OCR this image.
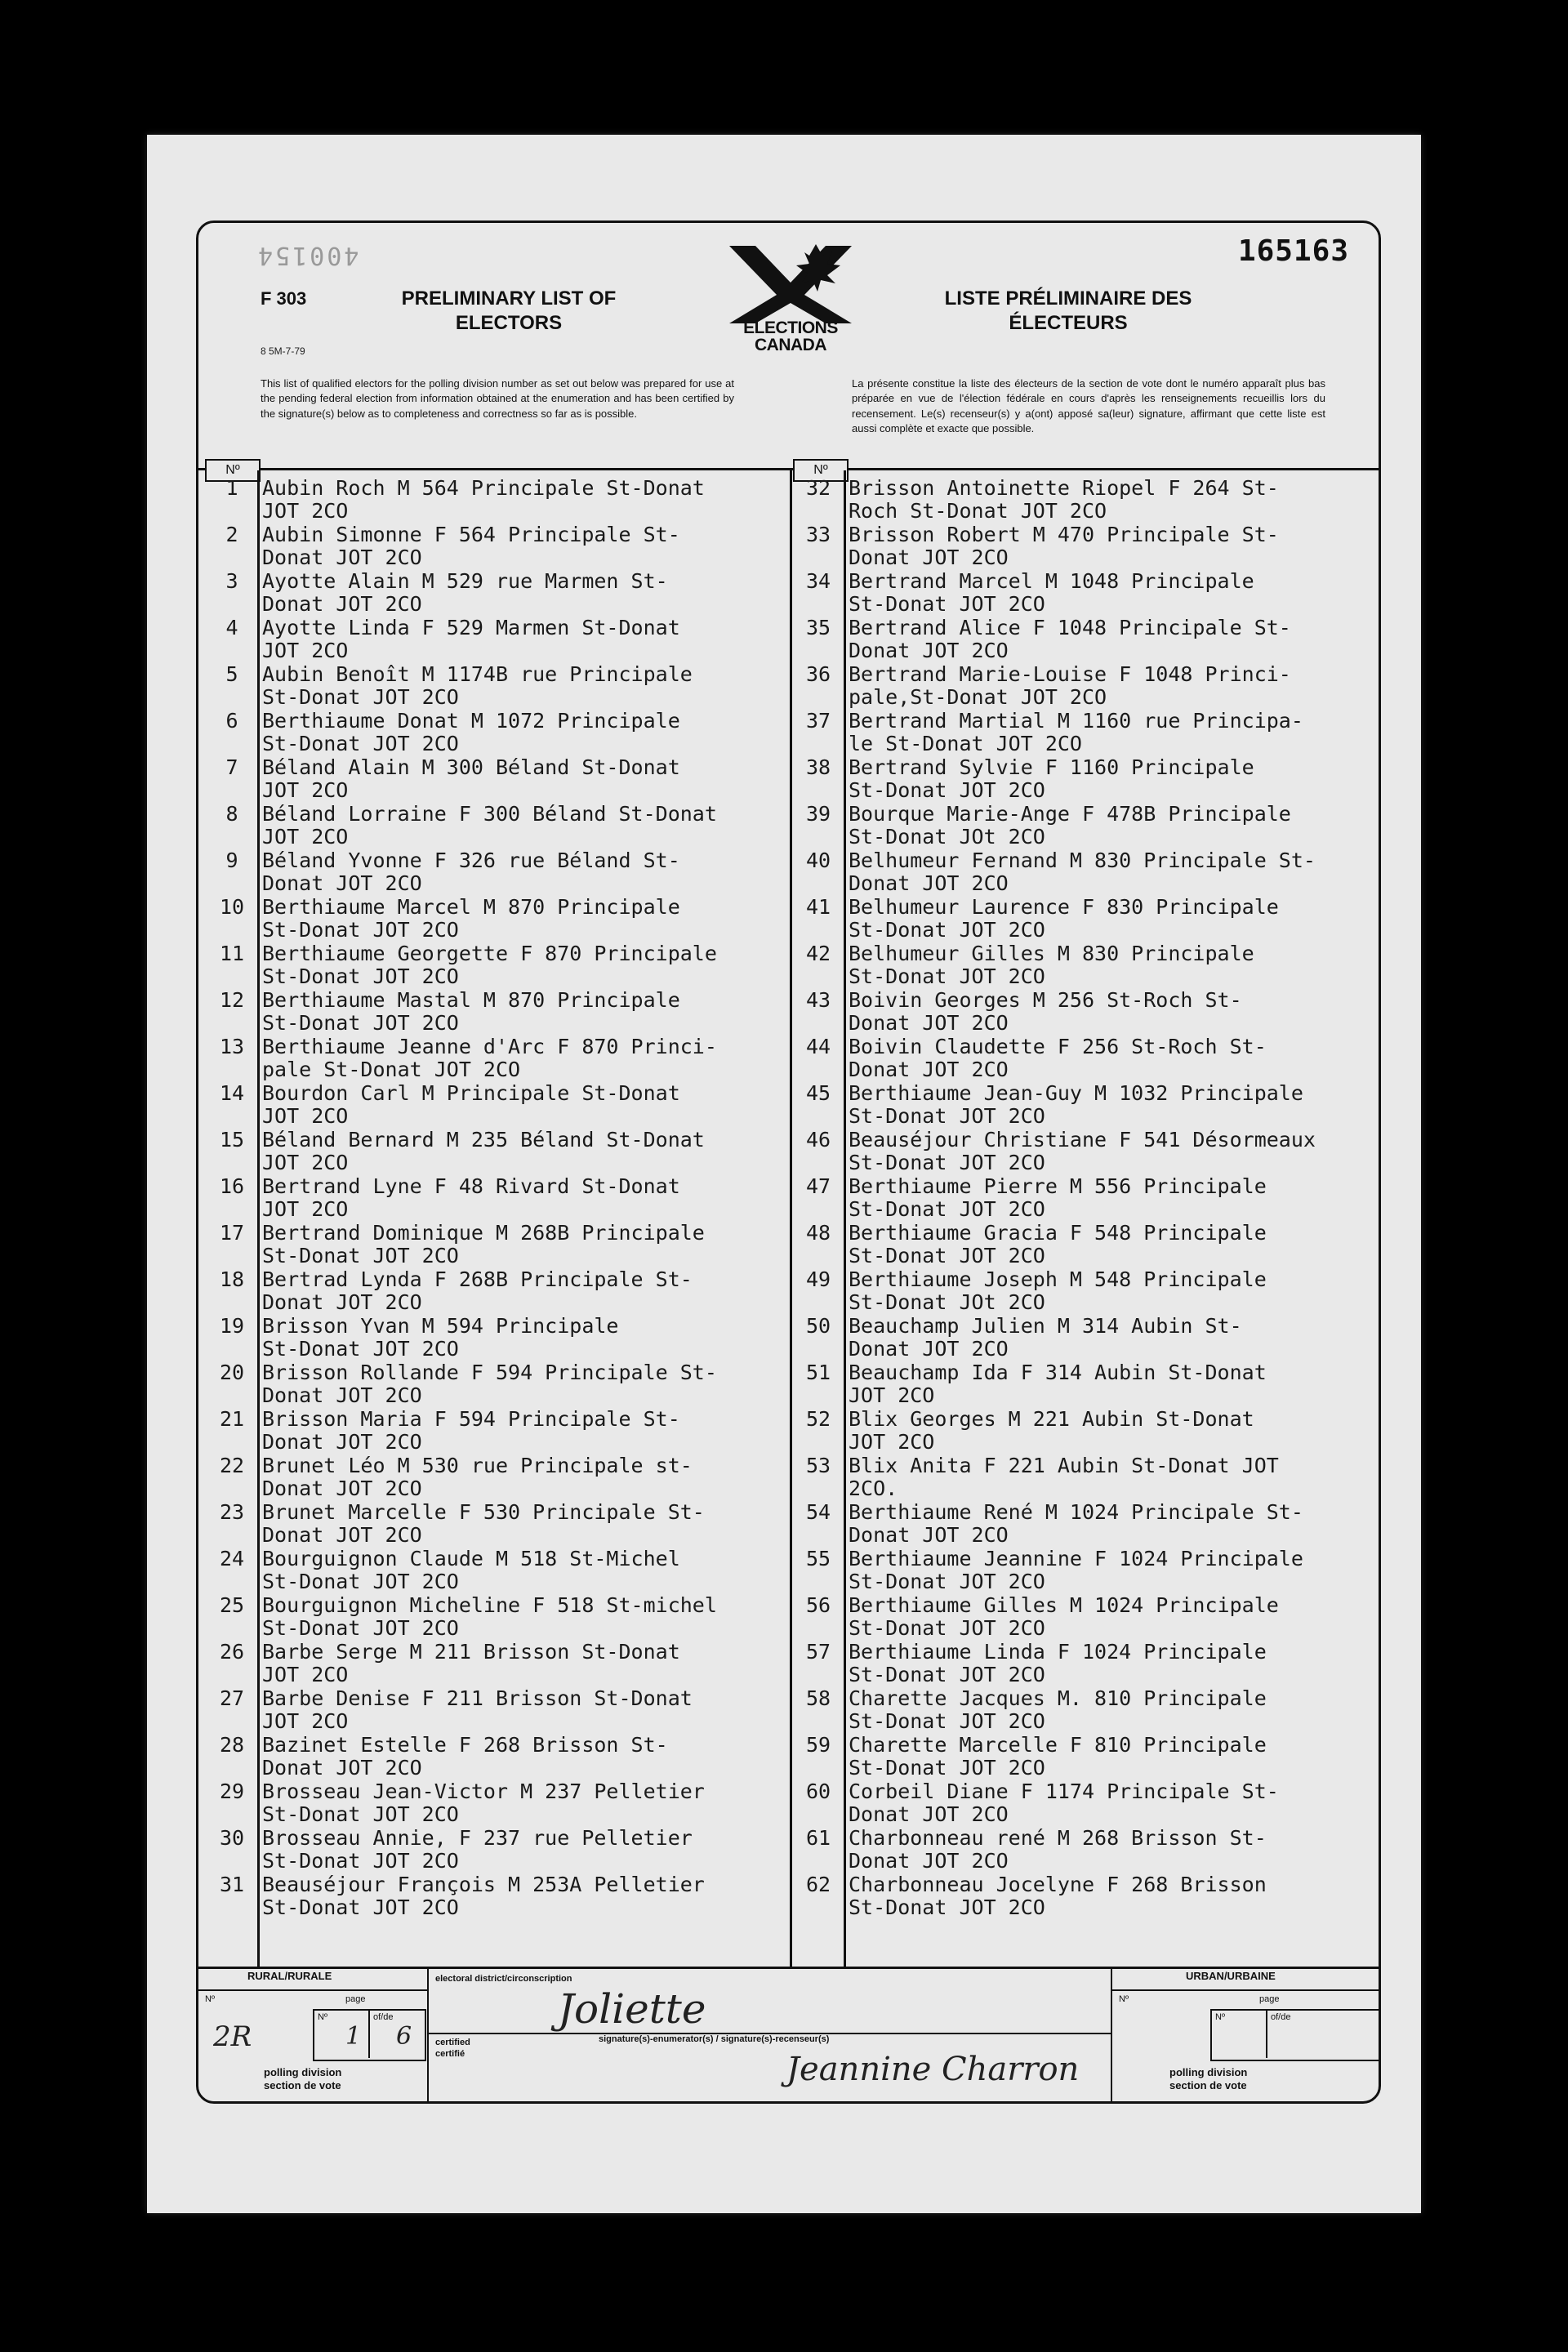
400154	165163
F 303
8 5M-7-79
PRELIMINARY LIST OF ELECTORS	ELECTIONS
CANADA
LISTE PRÉLIMINAIRE DES ÉLECTEURS
This list of qualified electors for the polling division number as set out below was prepared for use at the pending federal election from information obtained at the enumeration and has been certified by the signature(s) below as to completeness and correctness so far as is possible.
La présente constitue la liste des électeurs de la section de vote dont le numéro apparaît plus bas préparée en vue de l'élection fédérale en cours d'après les renseignements recueillis lors du recensement. Le(s) recenseur(s) y a(ont) apposé sa(leur) signature, affirmant que cette liste est aussi complète et exacte que possible.
Nº	Nº
1	Aubin Roch M 564 Principale St-Donat
JOT 2CO
2	Aubin Simonne F 564 Principale St-
Donat JOT 2CO
3	Ayotte Alain M 529 rue Marmen St-
Donat JOT 2CO
4	Ayotte Linda F 529 Marmen St-Donat
JOT 2CO
5	Aubin Benoît M 1174B rue Principale
St-Donat JOT 2CO
6	Berthiaume Donat M 1072 Principale
St-Donat JOT 2CO
7	Béland Alain M 300 Béland St-Donat
JOT 2CO
8	Béland Lorraine F 300 Béland St-Donat
JOT 2CO
9	Béland Yvonne F 326 rue Béland St-
Donat JOT 2CO
10 Berthiaume Marcel M 870 Principale
St-Donat JOT 2CO
11 Berthiaume Georgette F 870 Principale
St-Donat JOT 2CO
12 Berthiaume Mastal M 870 Principale
St-Donat JOT 2CO
13 Berthiaume Jeanne d'Arc F 870 Princi-
pale St-Donat JOT 2CO
14 Bourdon Carl M Principale St-Donat
JOT 2CO
15 Béland Bernard M 235 Béland St-Donat
JOT 2CO
16 Bertrand Lyne F 48 Rivard St-Donat
JOT 2CO
17 Bertrand Dominique M 268B Principale
St-Donat JOT 2CO
18 Bertrad Lynda F 268B Principale St-
Donat JOT 2CO
19 Brisson Yvan M 594 Principale
St-Donat JOT 2CO
20 Brisson Rollande F 594 Principale St-
Donat JOT 2CO
21 Brisson Maria F 594 Principale St-
Donat JOT 2CO
22 Brunet Léo M 530 rue Principale st-
Donat JOT 2CO
23 Brunet Marcelle F 530 Principale St-
Donat JOT 2CO
24 Bourguignon Claude M 518 St-Michel
St-Donat JOT 2CO
25 Bourguignon Micheline F 518 St-michel
St-Donat JOT 2CO
26 Barbe Serge M 211 Brisson St-Donat
JOT 2CO
27 Barbe Denise F 211 Brisson St-Donat
JOT 2CO
28 Bazinet Estelle F 268 Brisson St-
Donat JOT 2CO
29 Brosseau Jean-Victor M 237 Pelletier
St-Donat JOT 2CO
30 Brosseau Annie, F 237 rue Pelletier
St-Donat JOT 2CO
31 Beauséjour François M 253A Pelletier
St-Donat JOT 2CO
32 Brisson Antoinette Riopel F 264 St-
Roch St-Donat JOT 2CO
33 Brisson Robert M 470 Principale St-
Donat JOT 2CO
34 Bertrand Marcel M 1048 Principale
St-Donat JOT 2CO
35 Bertrand Alice F 1048 Principale St-
Donat JOT 2CO
36 Bertrand Marie-Louise F 1048 Princi-
pale,St-Donat JOT 2CO
37 Bertrand Martial M 1160 rue Principa-
le St-Donat JOT 2CO
38 Bertrand Sylvie F 1160 Principale
St-Donat JOT 2CO
39 Bourque Marie-Ange F 478B Principale
St-Donat JOt 2CO
40 Belhumeur Fernand M 830 Principale St-
Donat JOT 2CO
41 Belhumeur Laurence F 830 Principale
St-Donat JOT 2CO
42 Belhumeur Gilles M 830 Principale
St-Donat JOT 2CO
43 Boivin Georges M 256 St-Roch St-
Donat JOT 2CO
44 Boivin Claudette F 256 St-Roch St-
Donat JOT 2CO
45 Berthiaume Jean-Guy M 1032 Principale
St-Donat JOT 2CO
46 Beauséjour Christiane F 541 Désormeaux
St-Donat JOT 2CO
47 Berthiaume Pierre M 556 Principale
St-Donat JOT 2CO
48 Berthiaume Gracia F 548 Principale
St-Donat JOT 2CO
49 Berthiaume Joseph M 548 Principale
St-Donat JOt 2CO
50 Beauchamp Julien M 314 Aubin St-
Donat JOT 2CO
51 Beauchamp Ida F 314 Aubin St-Donat
JOT 2CO
52 Blix Georges M 221 Aubin St-Donat
JOT 2CO
53 Blix Anita F 221 Aubin St-Donat JOT
2CO.
54 Berthiaume René M 1024 Principale St-
Donat JOT 2CO
55 Berthiaume Jeannine F 1024 Principale
St-Donat JOT 2CO
56 Berthiaume Gilles M 1024 Principale
St-Donat JOT 2CO
57 Berthiaume Linda F 1024 Principale
St-Donat JOT 2CO
58 Charette Jacques M. 810 Principale
St-Donat JOT 2CO
59 Charette Marcelle F 810 Principale
St-Donat JOT 2CO
60 Corbeil Diane F 1174 Principale St-
Donat JOT 2CO
61 Charbonneau rené M 268 Brisson St-
Donat JOT 2CO
62 Charbonneau Jocelyne F 268 Brisson
St-Donat JOT 2CO
RURAL/RURALE
Nº	page
2R
Nº	of/de
1 6
polling division
section de vote
electoral district/circonscription
Joliette
certified
certifié
signature(s)-enumerator(s) / signature(s)-recenseur(s)
Jeannine Charron
URBAN/URBAINE
Nº	page
Nº	of/de
polling division
section de vote
